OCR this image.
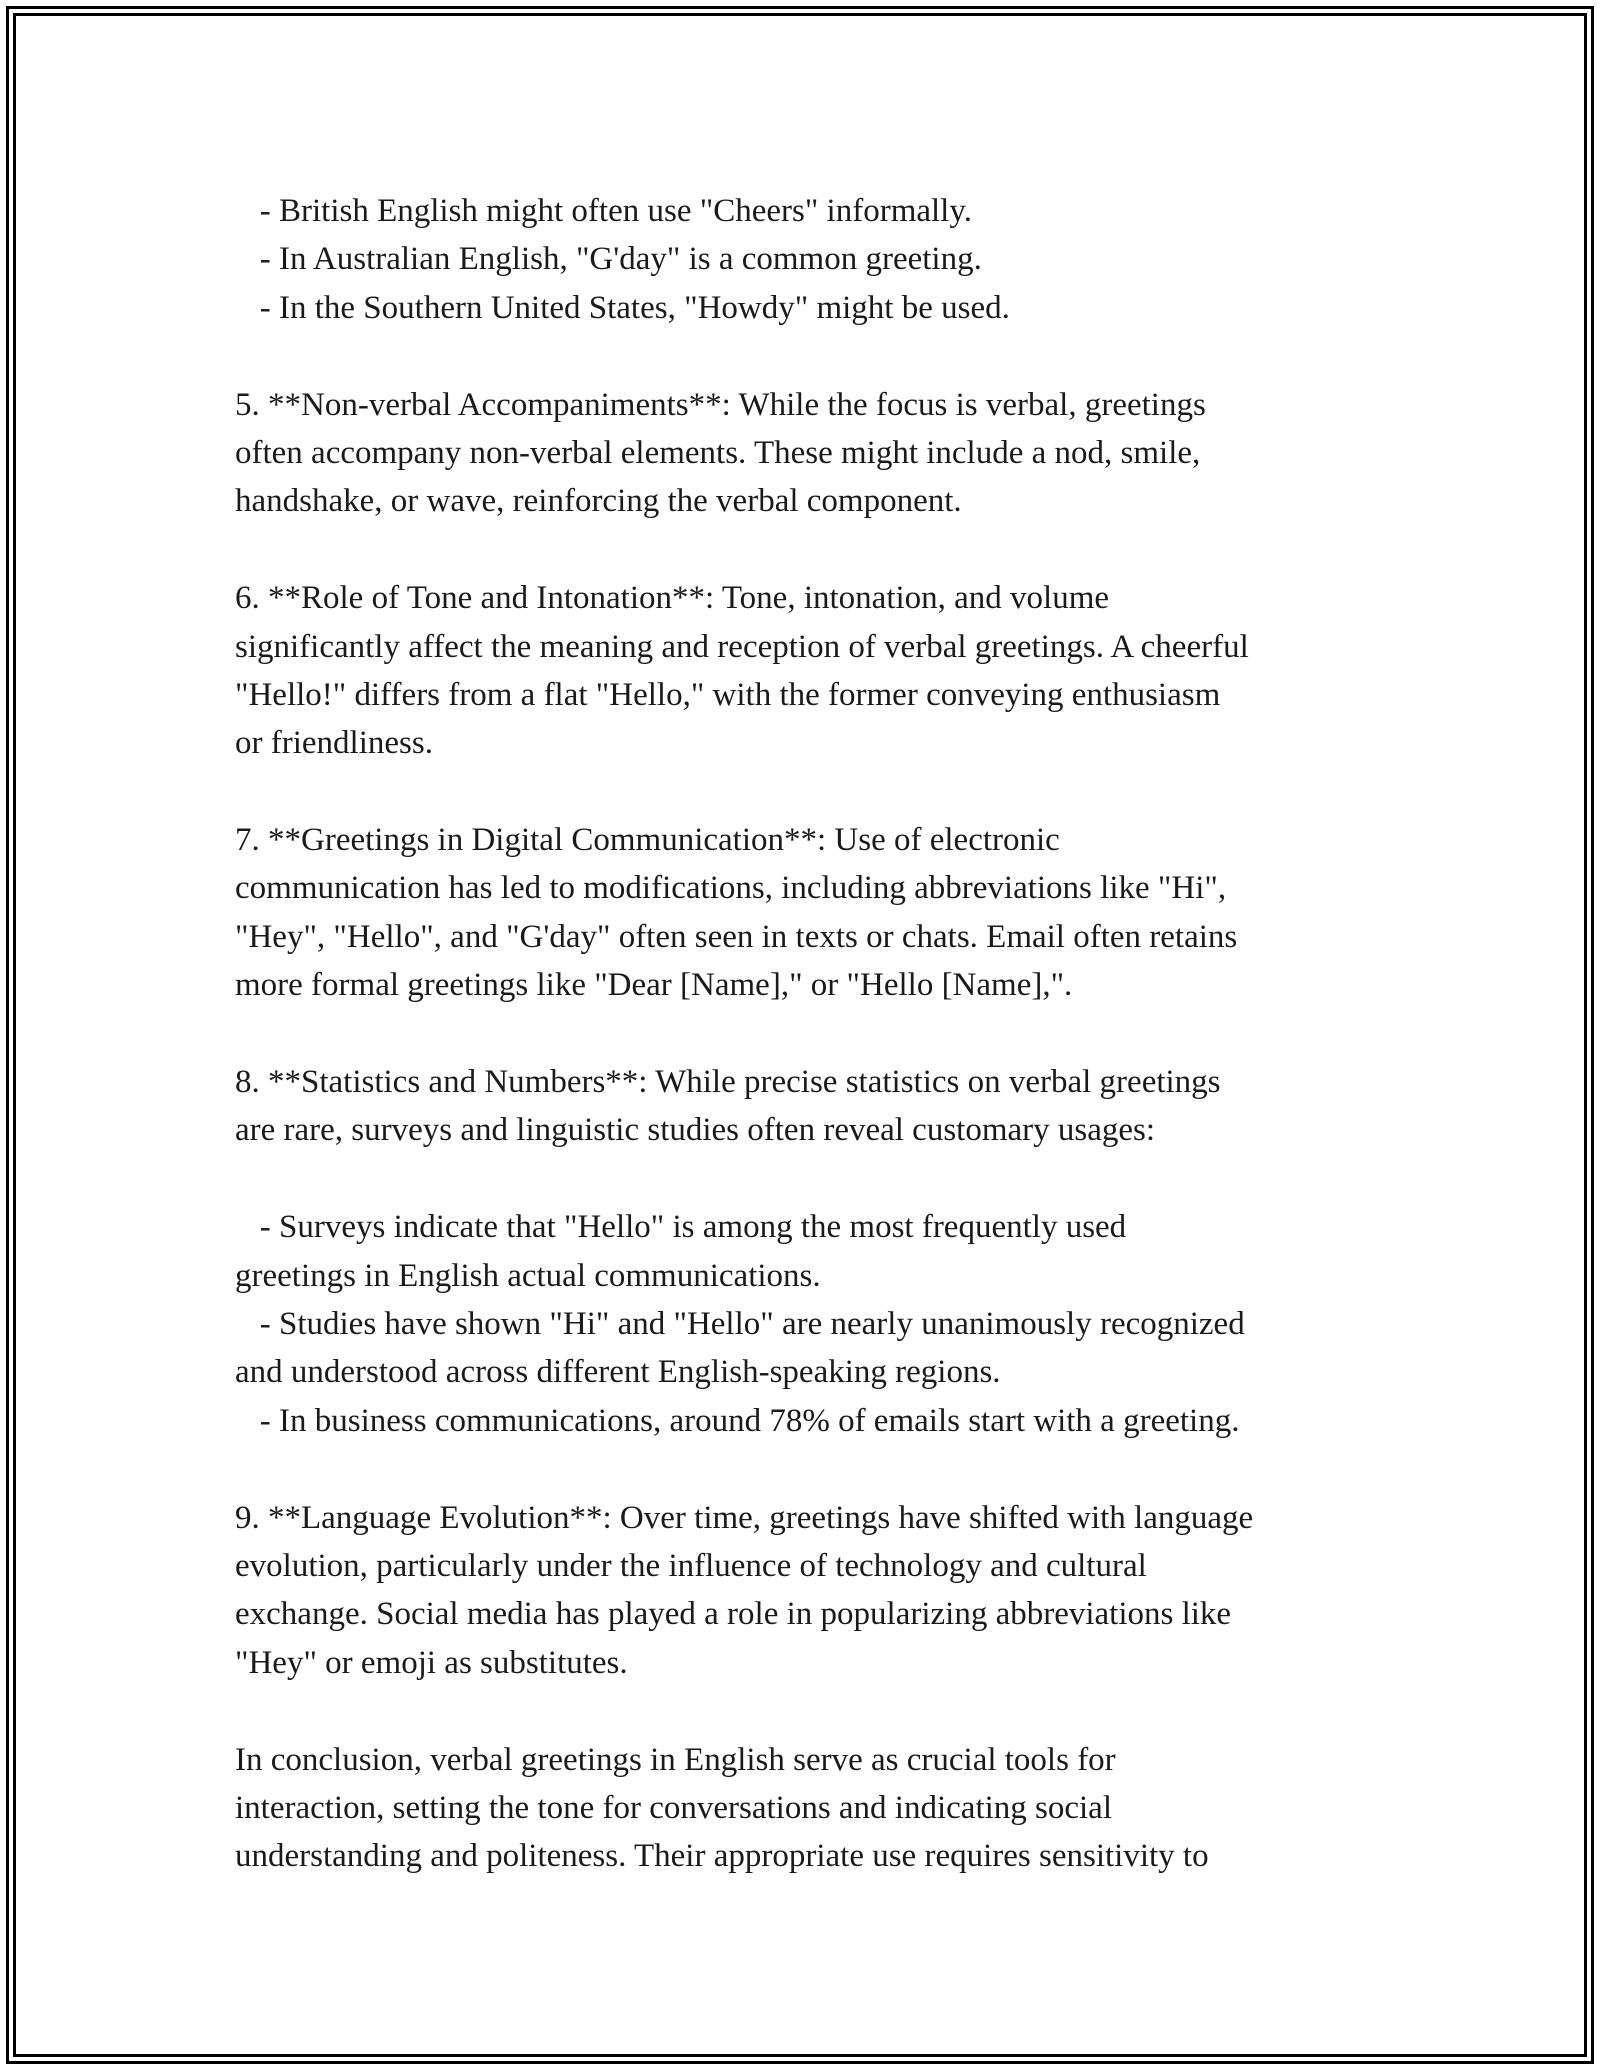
- British English might often use "Cheers" informally.
- In Australian English, "G'day" is a common greeting.
- In the Southern United States, "Howdy" might be used.
5. **Non-verbal Accompaniments**: While the focus is verbal, greetings
often accompany non-verbal elements. These might include a nod, smile,
handshake, or wave, reinforcing the verbal component.
6. **Role of Tone and Intonation**: Tone, intonation, and volume
significantly affect the meaning and reception of verbal greetings. A cheerful
"Hello!" differs from a flat "Hello," with the former conveying enthusiasm
or friendliness.
7. **Greetings in Digital Communication**: Use of electronic
communication has led to modifications, including abbreviations like "Hi",
"Hey", "Hello", and "G'day" often seen in texts or chats. Email often retains
more formal greetings like "Dear [Name]," or "Hello [Name],".
8. **Statistics and Numbers**: While precise statistics on verbal greetings
are rare, surveys and linguistic studies often reveal customary usages:
- Surveys indicate that "Hello" is among the most frequently used
greetings in English actual communications.
- Studies have shown "Hi" and "Hello" are nearly unanimously recognized
and understood across different English-speaking regions.
- In business communications, around 78% of emails start with a greeting.
9. **Language Evolution**: Over time, greetings have shifted with language
evolution, particularly under the influence of technology and cultural
exchange. Social media has played a role in popularizing abbreviations like
"Hey" or emoji as substitutes.
In conclusion, verbal greetings in English serve as crucial tools for
interaction, setting the tone for conversations and indicating social
understanding and politeness. Their appropriate use requires sensitivity to
